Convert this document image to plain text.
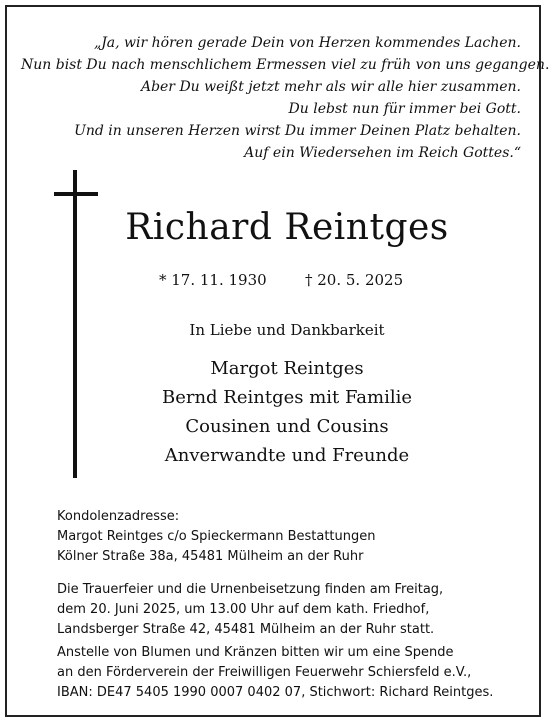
„Ja, wir hören gerade Dein von Herzen kommendes Lachen.
Nun bist Du nach menschlichem Ermessen viel zu früh von uns gegangen.
Aber Du weißt jetzt mehr als wir alle hier zusammen.
Du lebst nun für immer bei Gott.
Und in unseren Herzen wirst Du immer Deinen Platz behalten.
Auf ein Wiedersehen im Reich Gottes.“
Richard Reintges
* 17. 11. 1930	† 20. 5. 2025
In Liebe und Dankbarkeit
Margot Reintges
Bernd Reintges mit Familie
Cousinen und Cousins
Anverwandte und Freunde
Kondolenzadresse:
Margot Reintges c/o Spieckermann Bestattungen
Kölner Straße 38a, 45481 Mülheim an der Ruhr
Die Trauerfeier und die Urnenbeisetzung finden am Freitag,
dem 20. Juni 2025, um 13.00 Uhr auf dem kath. Friedhof,
Landsberger Straße 42, 45481 Mülheim an der Ruhr statt.
Anstelle von Blumen und Kränzen bitten wir um eine Spende
an den Förderverein der Freiwilligen Feuerwehr Schiersfeld e.V.,
IBAN: DE47 5405 1990 0007 0402 07, Stichwort: Richard Reintges.
